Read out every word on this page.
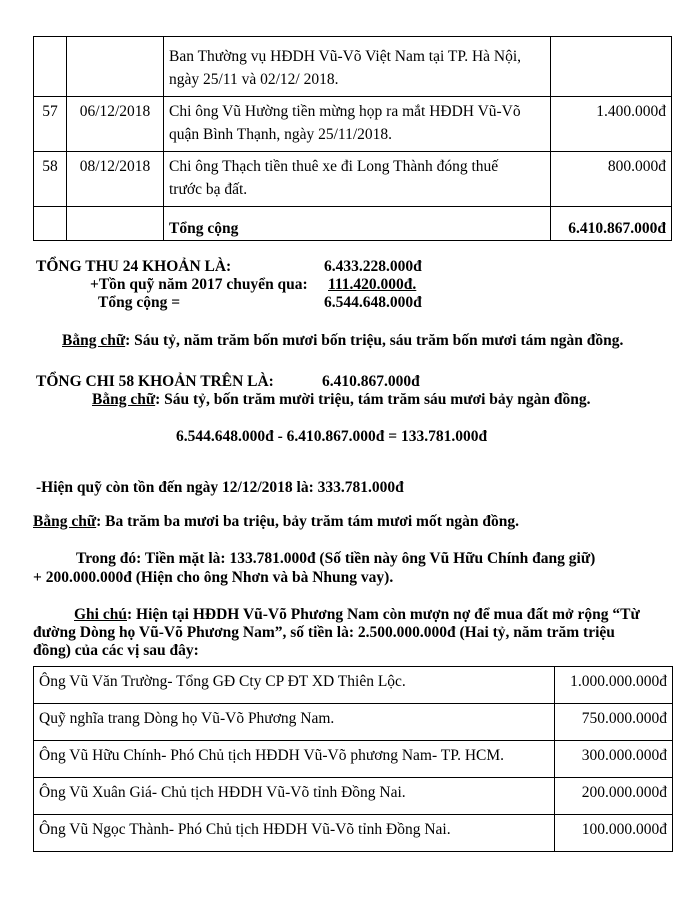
		Ban Thường vụ HĐDH Vũ-Võ Việt Nam tại TP. Hà Nội,
ngày 25/11 và 02/12/ 2018.	

57	06/12/2018	Chi ông Vũ Hường tiền mừng họp ra mắt HĐDH Vũ-Võ
quận Bình Thạnh, ngày 25/11/2018.	1.400.000đ
58	08/12/2018	Chi ông Thạch tiền thuê xe đi Long Thành đóng thuế
trước bạ đất.	800.000đ
		Tổng cộng	6.410.867.000đ
TỔNG THU 24 KHOẢN LÀ:	6.433.228.000đ
+Tồn quỹ năm 2017 chuyển qua: 111.420.000đ.
Tổng cộng =	6.544.648.000đ
Bằng chữ: Sáu tỷ, năm trăm bốn mươi bốn triệu, sáu trăm bốn mươi tám ngàn đồng.
TỔNG CHI 58 KHOẢN TRÊN LÀ:	6.410.867.000đ
Bằng chữ: Sáu tỷ, bốn trăm mười triệu, tám trăm sáu mươi bảy ngàn đồng.
6.544.648.000đ - 6.410.867.000đ = 133.781.000đ
-Hiện quỹ còn tồn đến ngày 12/12/2018 là: 333.781.000đ
Bằng chữ: Ba trăm ba mươi ba triệu, bảy trăm tám mươi mốt ngàn đồng.
Trong đó: Tiền mặt là: 133.781.000đ (Số tiền này ông Vũ Hữu Chính đang giữ)
+ 200.000.000đ (Hiện cho ông Nhơn và bà Nhung vay).
Ghi chú: Hiện tại HĐDH Vũ-Võ Phương Nam còn mượn nợ để mua đất mở rộng “Từ
đường Dòng họ Vũ-Võ Phương Nam”, số tiền là: 2.500.000.000đ (Hai tỷ, năm trăm triệu
đồng) của các vị sau đây:
Ông Vũ Văn Trường- Tổng GĐ Cty CP ĐT XD Thiên Lộc.	1.000.000.000đ
Quỹ nghĩa trang Dòng họ Vũ-Võ Phương Nam.	750.000.000đ
Ông Vũ Hữu Chính- Phó Chủ tịch HĐDH Vũ-Võ phương Nam- TP. HCM.	300.000.000đ
Ông Vũ Xuân Giá- Chủ tịch HĐDH Vũ-Võ tỉnh Đồng Nai.	200.000.000đ
Ông Vũ Ngọc Thành- Phó Chủ tịch HĐDH Vũ-Võ tỉnh Đồng Nai.	100.000.000đ
